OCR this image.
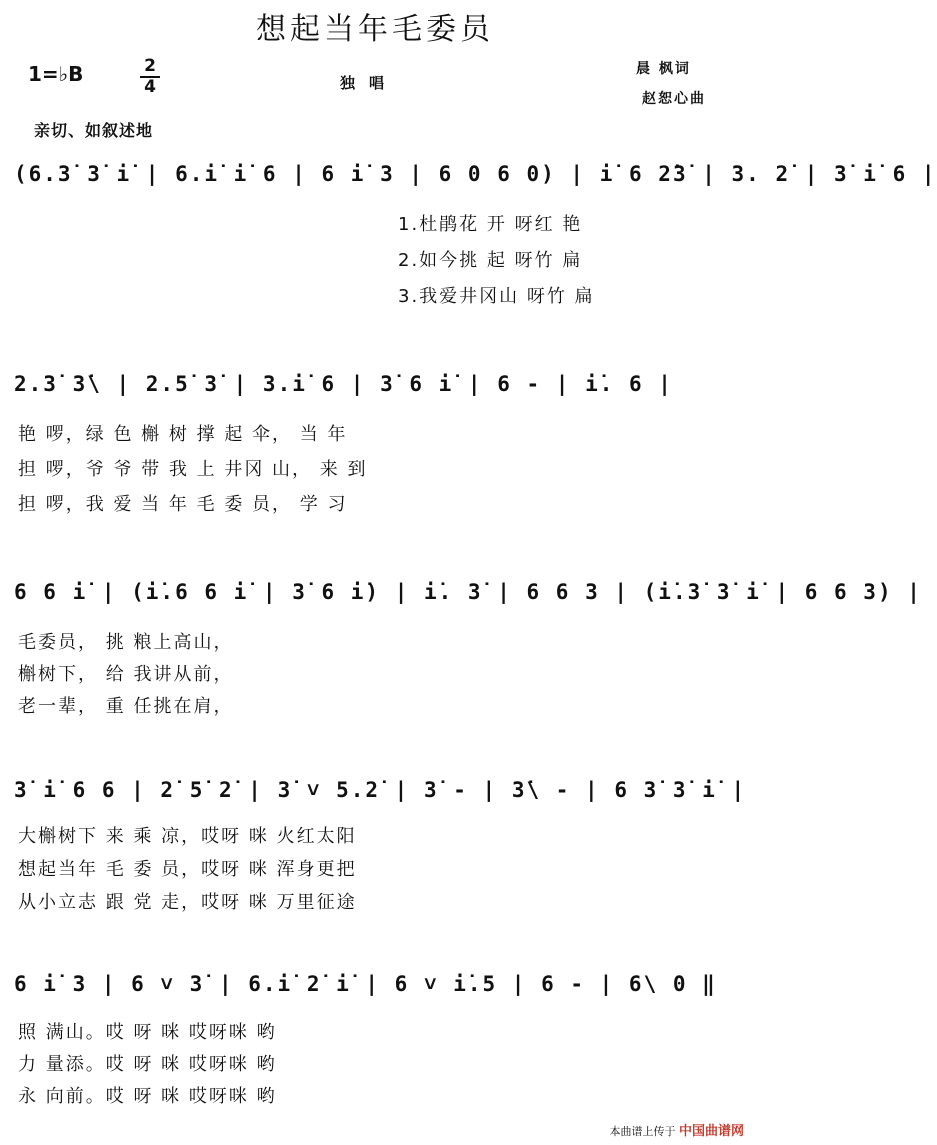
想起当年毛委员
晨 枫词
赵恕心曲
1=♭B	2
4	独唱
亲切、如叙述地
(6.3̇ 3̇ i̇ | 6.i̇ i̇ 6 | 6 i̇ 3 | 6 0 6 0) | i̇ 6 2̇3̇ | 3. 2̇ | 3̇ i̇ 6 |
1.杜鹃花 开 呀红 艳
2.如今挑 起 呀竹 扁
3.我爱井冈山 呀竹 扁
2.3̇ 3̇\ | 2.5̇ 3̇ | 3.i̇ 6 | 3̇ 6 i̇ | 6 - | i̇. 6 |
艳 啰，绿 色 槲 树 撑 起 伞， 当 年
担 啰，爷 爷 带 我 上 井冈 山， 来 到
担 啰，我 爱 当 年 毛 委 员， 学 习
6 6 i̇ | (i̇.6 6 i̇ | 3̇ 6 i̇) | i̇. 3̇ | 6 6 3 | (i̇.3̇ 3̇ i̇ | 6 6 3) |
毛委员， 挑 粮上高山，
槲树下， 给 我讲从前，
老一辈， 重 任挑在肩，
3̇ i̇ 6 6 | 2̇ 5̇ 2̇ | 3̇ ˅ 5.2̇ | 3̇ - | 3̇\ - | 6 3̇ 3̇ i̇ |
大槲树下 来 乘 凉，哎呀 咪 火红太阳
想起当年 毛 委 员，哎呀 咪 浑身更把
从小立志 跟 党 走，哎呀 咪 万里征途
6 i̇ 3 | 6 ˅ 3̇ | 6.i̇ 2̇ i̇ | 6 ˅ i̇.5 | 6 - | 6\ 0 ‖
照 满山。哎 呀 咪 哎呀咪 哟
力 量添。哎 呀 咪 哎呀咪 哟
永 向前。哎 呀 咪 哎呀咪 哟
本曲谱上传于 中国曲谱网
